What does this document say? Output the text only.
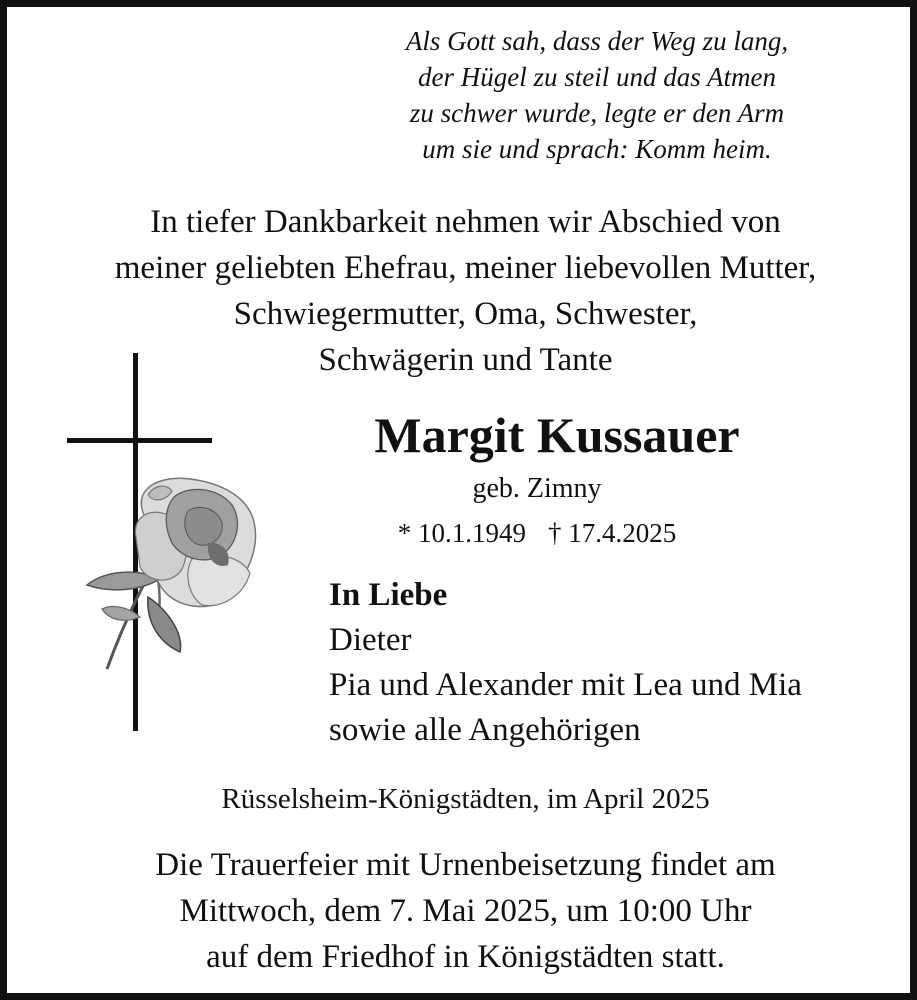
Als Gott sah, dass der Weg zu lang,
der Hügel zu steil und das Atmen
zu schwer wurde, legte er den Arm
um sie und sprach: Komm heim.
In tiefer Dankbarkeit nehmen wir Abschied von
meiner geliebten Ehefrau, meiner liebevollen Mutter,
Schwiegermutter, Oma, Schwester,
Schwägerin und Tante
Margit Kussauer
geb. Zimny
* 10.1.1949 † 17.4.2025
In Liebe
Dieter
Pia und Alexander mit Lea und Mia
sowie alle Angehörigen
Rüsselsheim-Königstädten, im April 2025
Die Trauerfeier mit Urnenbeisetzung findet am
Mittwoch, dem 7. Mai 2025, um 10:00 Uhr
auf dem Friedhof in Königstädten statt.
